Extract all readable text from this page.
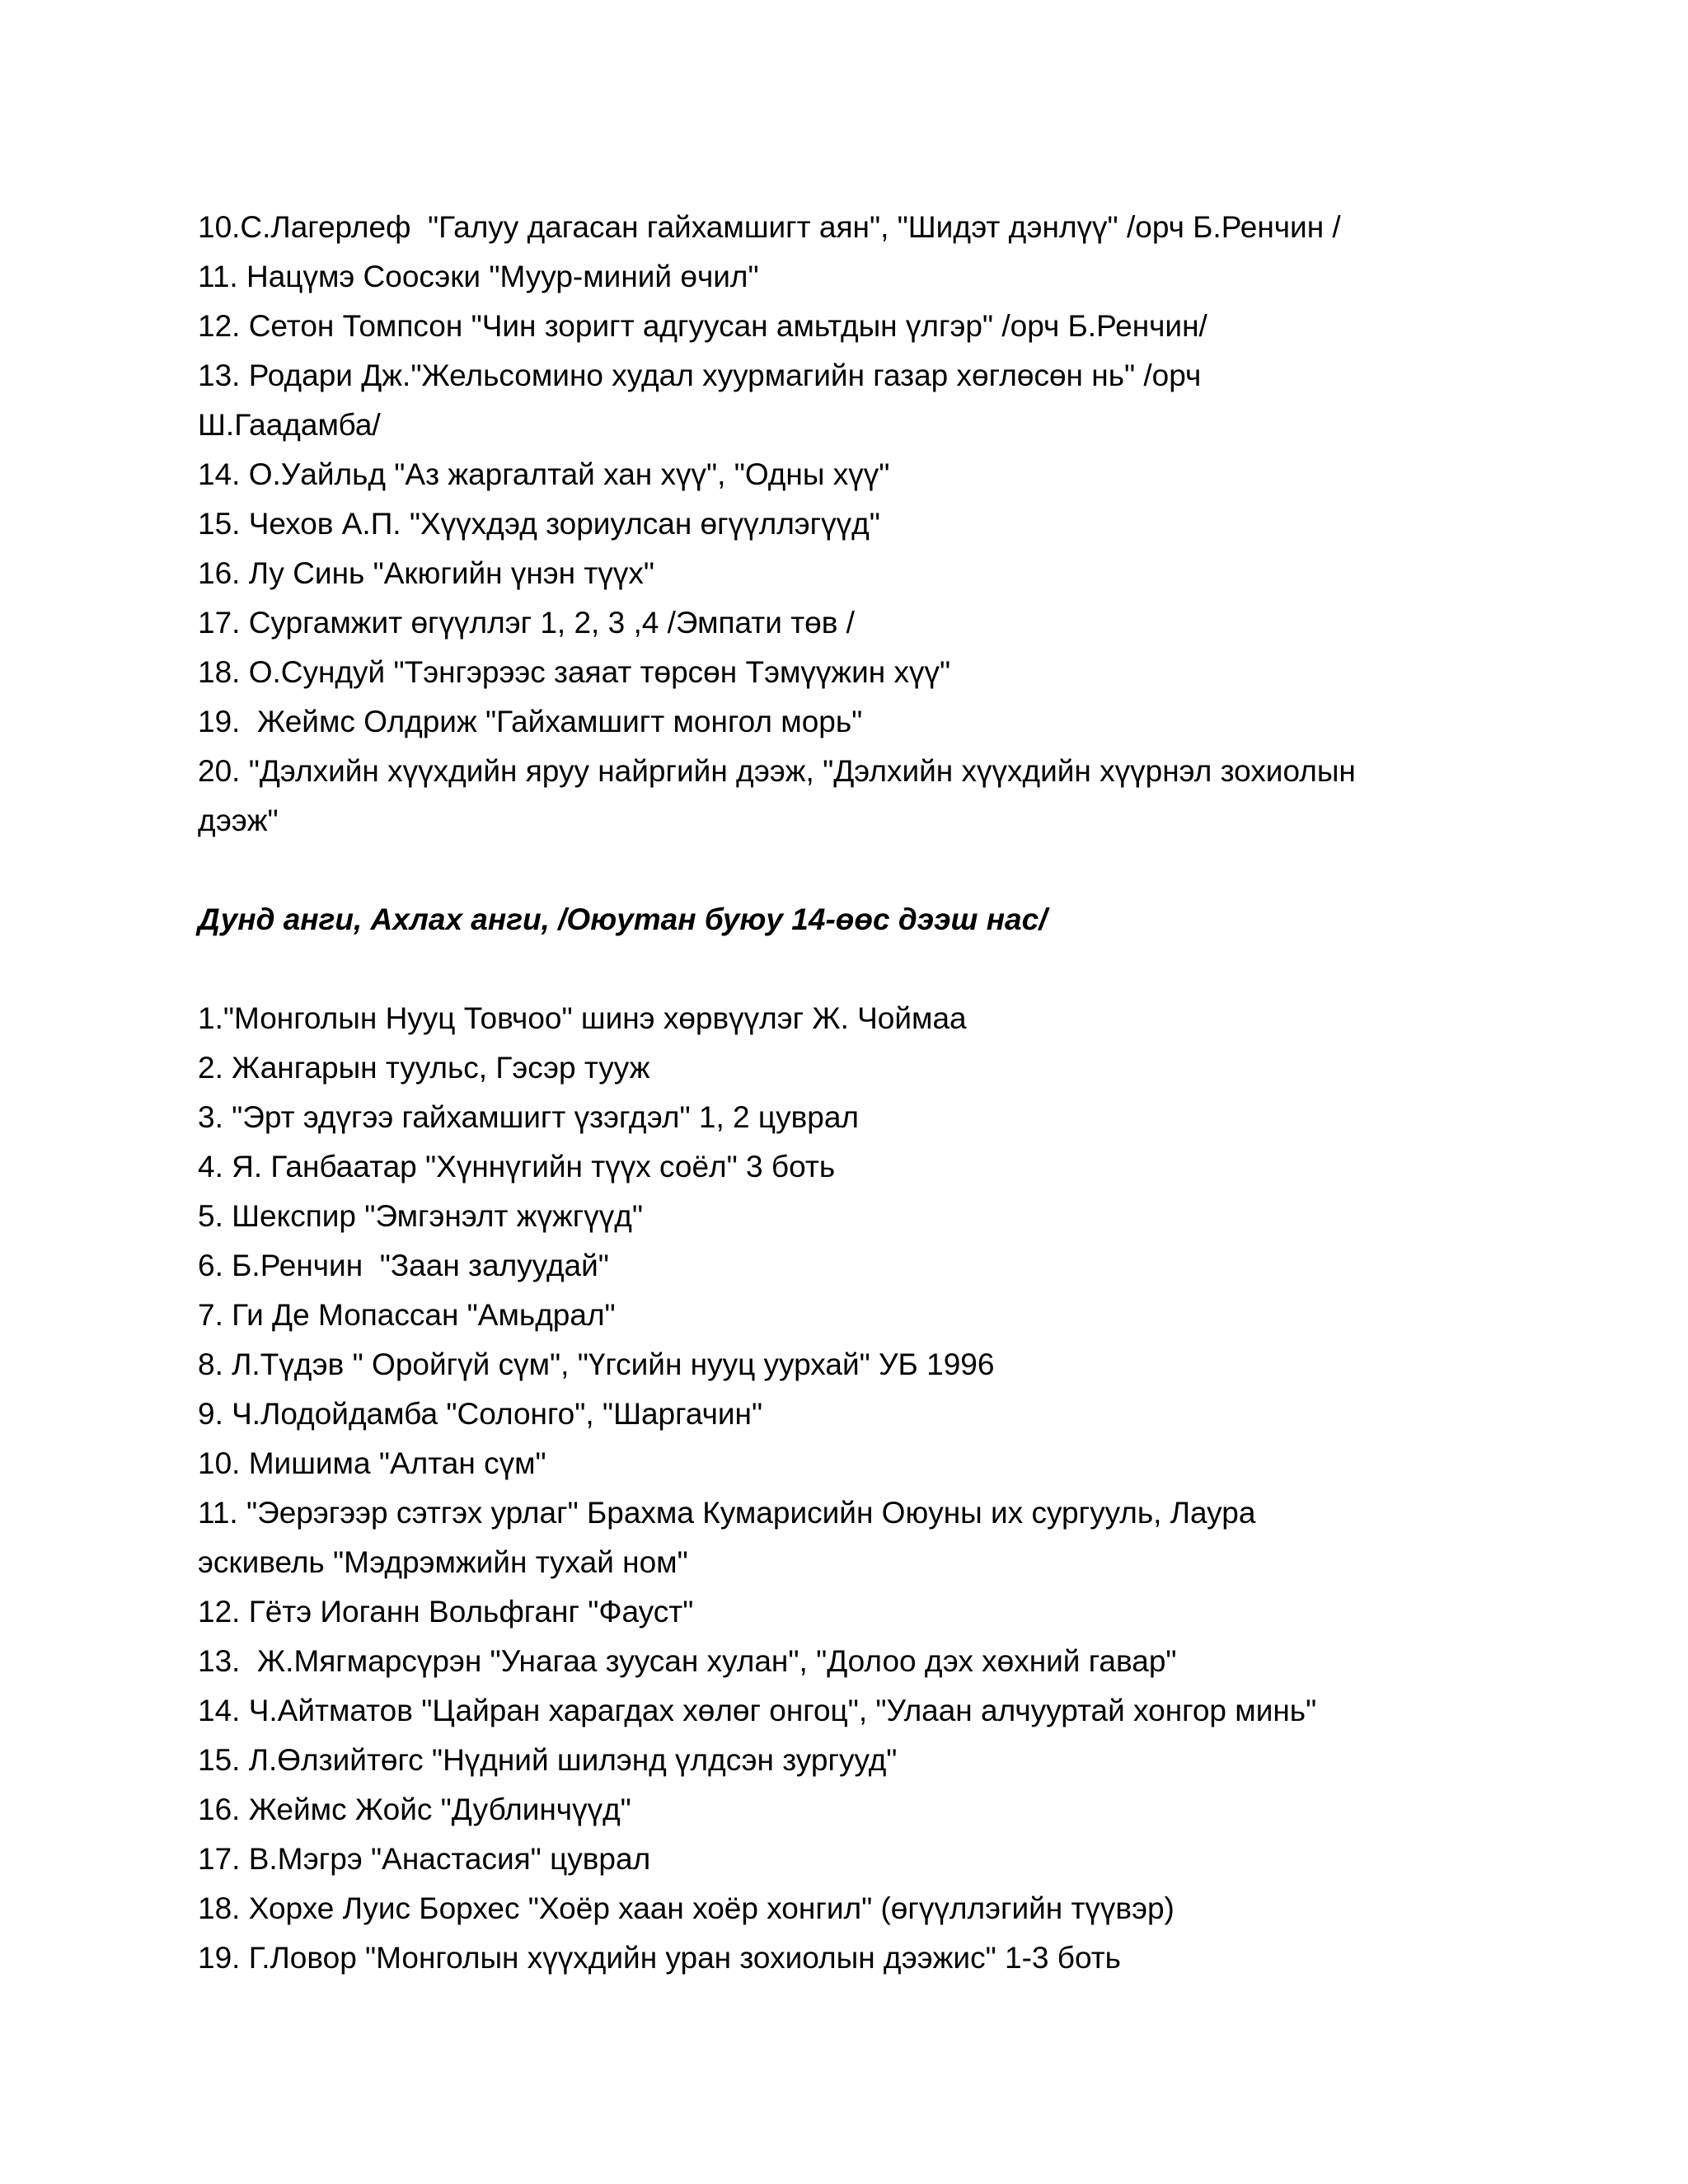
10.С.Лагерлеф  "Галуу дагасан гайхамшигт аян", "Шидэт дэнлүү" /орч Б.Ренчин /

11. Нацүмэ Соосэки "Муур-миний өчил"

12. Сетон Томпсон "Чин зоригт адгуусан амьтдын үлгэр" /орч Б.Ренчин/

13. Родари Дж."Жельсомино худал хуурмагийн газар хөглөсөн нь" /орч

Ш.Гаадамба/

14. О.Уайльд "Аз жаргалтай хан хүү", "Одны хүү"

15. Чехов А.П. "Хүүхдэд зориулсан өгүүллэгүүд"

16. Лу Синь "Акюгийн үнэн түүх"

17. Сургамжит өгүүллэг 1, 2, 3 ,4 /Эмпати төв /

18. О.Сундуй "Тэнгэрээс заяат төрсөн Тэмүүжин хүү"

19.  Жеймс Олдриж "Гайхамшигт монгол морь"

20. "Дэлхийн хүүхдийн яруу найргийн дээж, "Дэлхийн хүүхдийн хүүрнэл зохиолын

дээж"

Дунд анги, Ахлах анги, /Оюутан буюу 14-өөс дээш нас/

1."Монголын Нууц Товчоо" шинэ хөрвүүлэг Ж. Чоймаа

2. Жангарын туульс, Гэсэр тууж

3. "Эрт эдүгээ гайхамшигт үзэгдэл" 1, 2 цуврал

4. Я. Ганбаатар "Хүннүгийн түүх соёл" 3 боть

5. Шекспир "Эмгэнэлт жүжгүүд"

6. Б.Ренчин  "Заан залуудай"

7. Ги Де Мопассан "Амьдрал"

8. Л.Түдэв " Оройгүй сүм", "Үгсийн нууц уурхай" УБ 1996

9. Ч.Лодойдамба "Солонго", "Шаргачин"

10. Мишима "Алтан сүм"

11. "Эерэгээр сэтгэх урлаг" Брахма Кумарисийн Оюуны их сургууль, Лаура

эскивель "Мэдрэмжийн тухай ном"

12. Гётэ Иоганн Вольфганг "Фауст"

13.  Ж.Мягмарсүрэн "Унагаа зуусан хулан", "Долоо дэх хөхний гавар"

14. Ч.Айтматов "Цайран харагдах хөлөг онгоц", "Улаан алчууртай хонгор минь"

15. Л.Өлзийтөгс "Нүдний шилэнд үлдсэн зургууд"

16. Жеймс Жойс "Дублинчүүд"

17. В.Мэгрэ "Анастасия" цуврал

18. Хорхе Луис Борхес "Хоёр хаан хоёр хонгил" (өгүүллэгийн түүвэр)

19. Г.Ловор "Монголын хүүхдийн уран зохиолын дээжис" 1-3 боть
